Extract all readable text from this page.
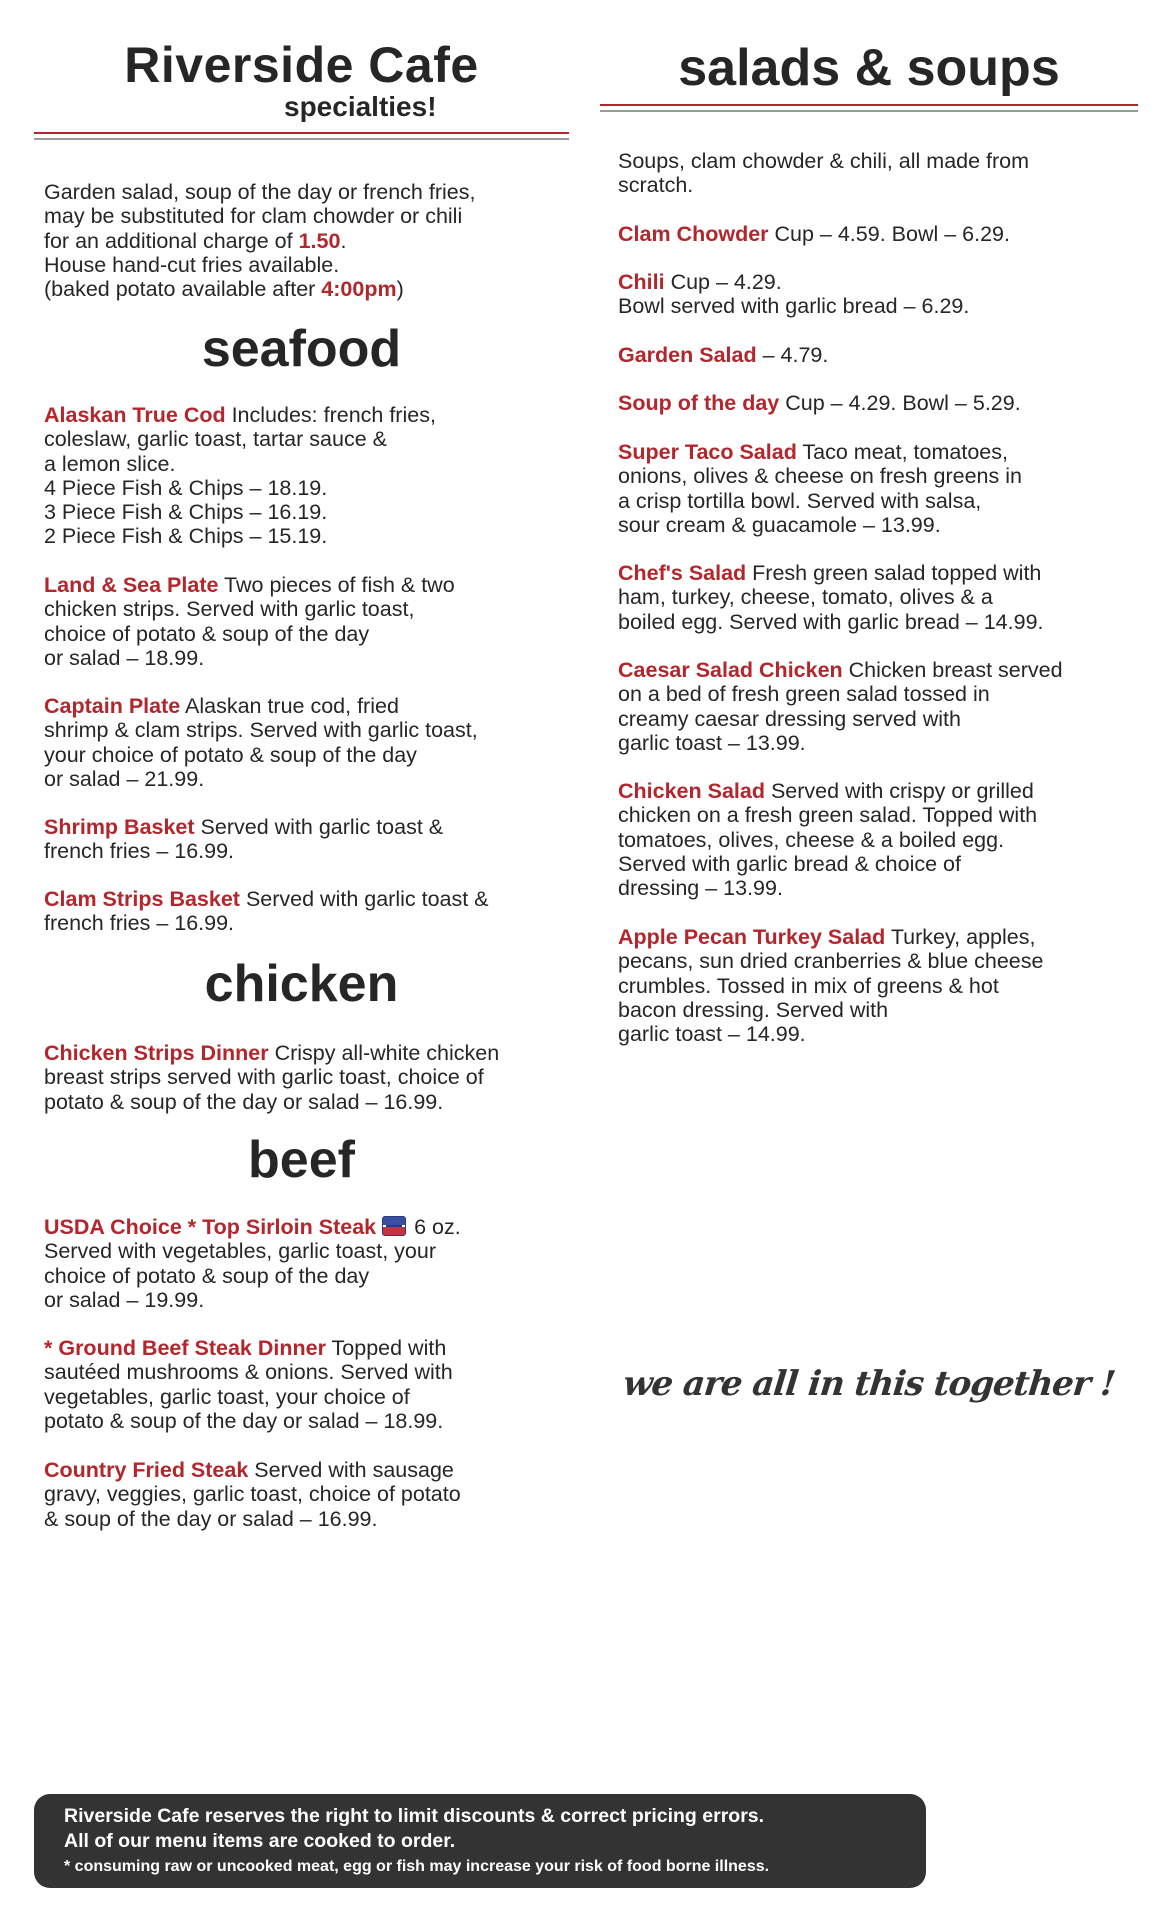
Riverside Cafe
specialties!
Garden salad, soup of the day or french fries,
may be substituted for clam chowder or chili
for an additional charge of 1.50.
House hand-cut fries available.
(baked potato available after 4:00pm)
seafood
Alaskan True Cod Includes: french fries,
coleslaw, garlic toast, tartar sauce &
a lemon slice.
4 Piece Fish & Chips – 18.19.
3 Piece Fish & Chips – 16.19.
2 Piece Fish & Chips – 15.19.
Land & Sea Plate Two pieces of fish & two
chicken strips. Served with garlic toast,
choice of potato & soup of the day
or salad – 18.99.
Captain Plate Alaskan true cod, fried
shrimp & clam strips. Served with garlic toast,
your choice of potato & soup of the day
or salad – 21.99.
Shrimp Basket Served with garlic toast &
french fries – 16.99.
Clam Strips Basket Served with garlic toast &
french fries – 16.99.
chicken
Chicken Strips Dinner Crispy all-white chicken
breast strips served with garlic toast, choice of
potato & soup of the day or salad – 16.99.
beef
USDA Choice * Top Sirloin Steak 6 oz.
Served with vegetables, garlic toast, your
choice of potato & soup of the day
or salad – 19.99.
* Ground Beef Steak Dinner Topped with
sautéed mushrooms & onions. Served with
vegetables, garlic toast, your choice of
potato & soup of the day or salad – 18.99.
Country Fried Steak Served with sausage
gravy, veggies, garlic toast, choice of potato
& soup of the day or salad – 16.99.
salads & soups
Soups, clam chowder & chili, all made from
scratch.
Clam Chowder Cup – 4.59. Bowl – 6.29.
Chili Cup – 4.29.
Bowl served with garlic bread – 6.29.
Garden Salad – 4.79.
Soup of the day Cup – 4.29. Bowl – 5.29.
Super Taco Salad Taco meat, tomatoes,
onions, olives & cheese on fresh greens in
a crisp tortilla bowl. Served with salsa,
sour cream & guacamole – 13.99.
Chef's Salad Fresh green salad topped with
ham, turkey, cheese, tomato, olives & a
boiled egg. Served with garlic bread – 14.99.
Caesar Salad Chicken Chicken breast served
on a bed of fresh green salad tossed in
creamy caesar dressing served with
garlic toast – 13.99.
Chicken Salad Served with crispy or grilled
chicken on a fresh green salad. Topped with
tomatoes, olives, cheese & a boiled egg.
Served with garlic bread & choice of
dressing – 13.99.
Apple Pecan Turkey Salad Turkey, apples,
pecans, sun dried cranberries & blue cheese
crumbles. Tossed in mix of greens & hot
bacon dressing. Served with
garlic toast – 14.99.
we are all in this together !
Riverside Cafe reserves the right to limit discounts & correct pricing errors.
All of our menu items are cooked to order.
* consuming raw or uncooked meat, egg or fish may increase your risk of food borne illness.
